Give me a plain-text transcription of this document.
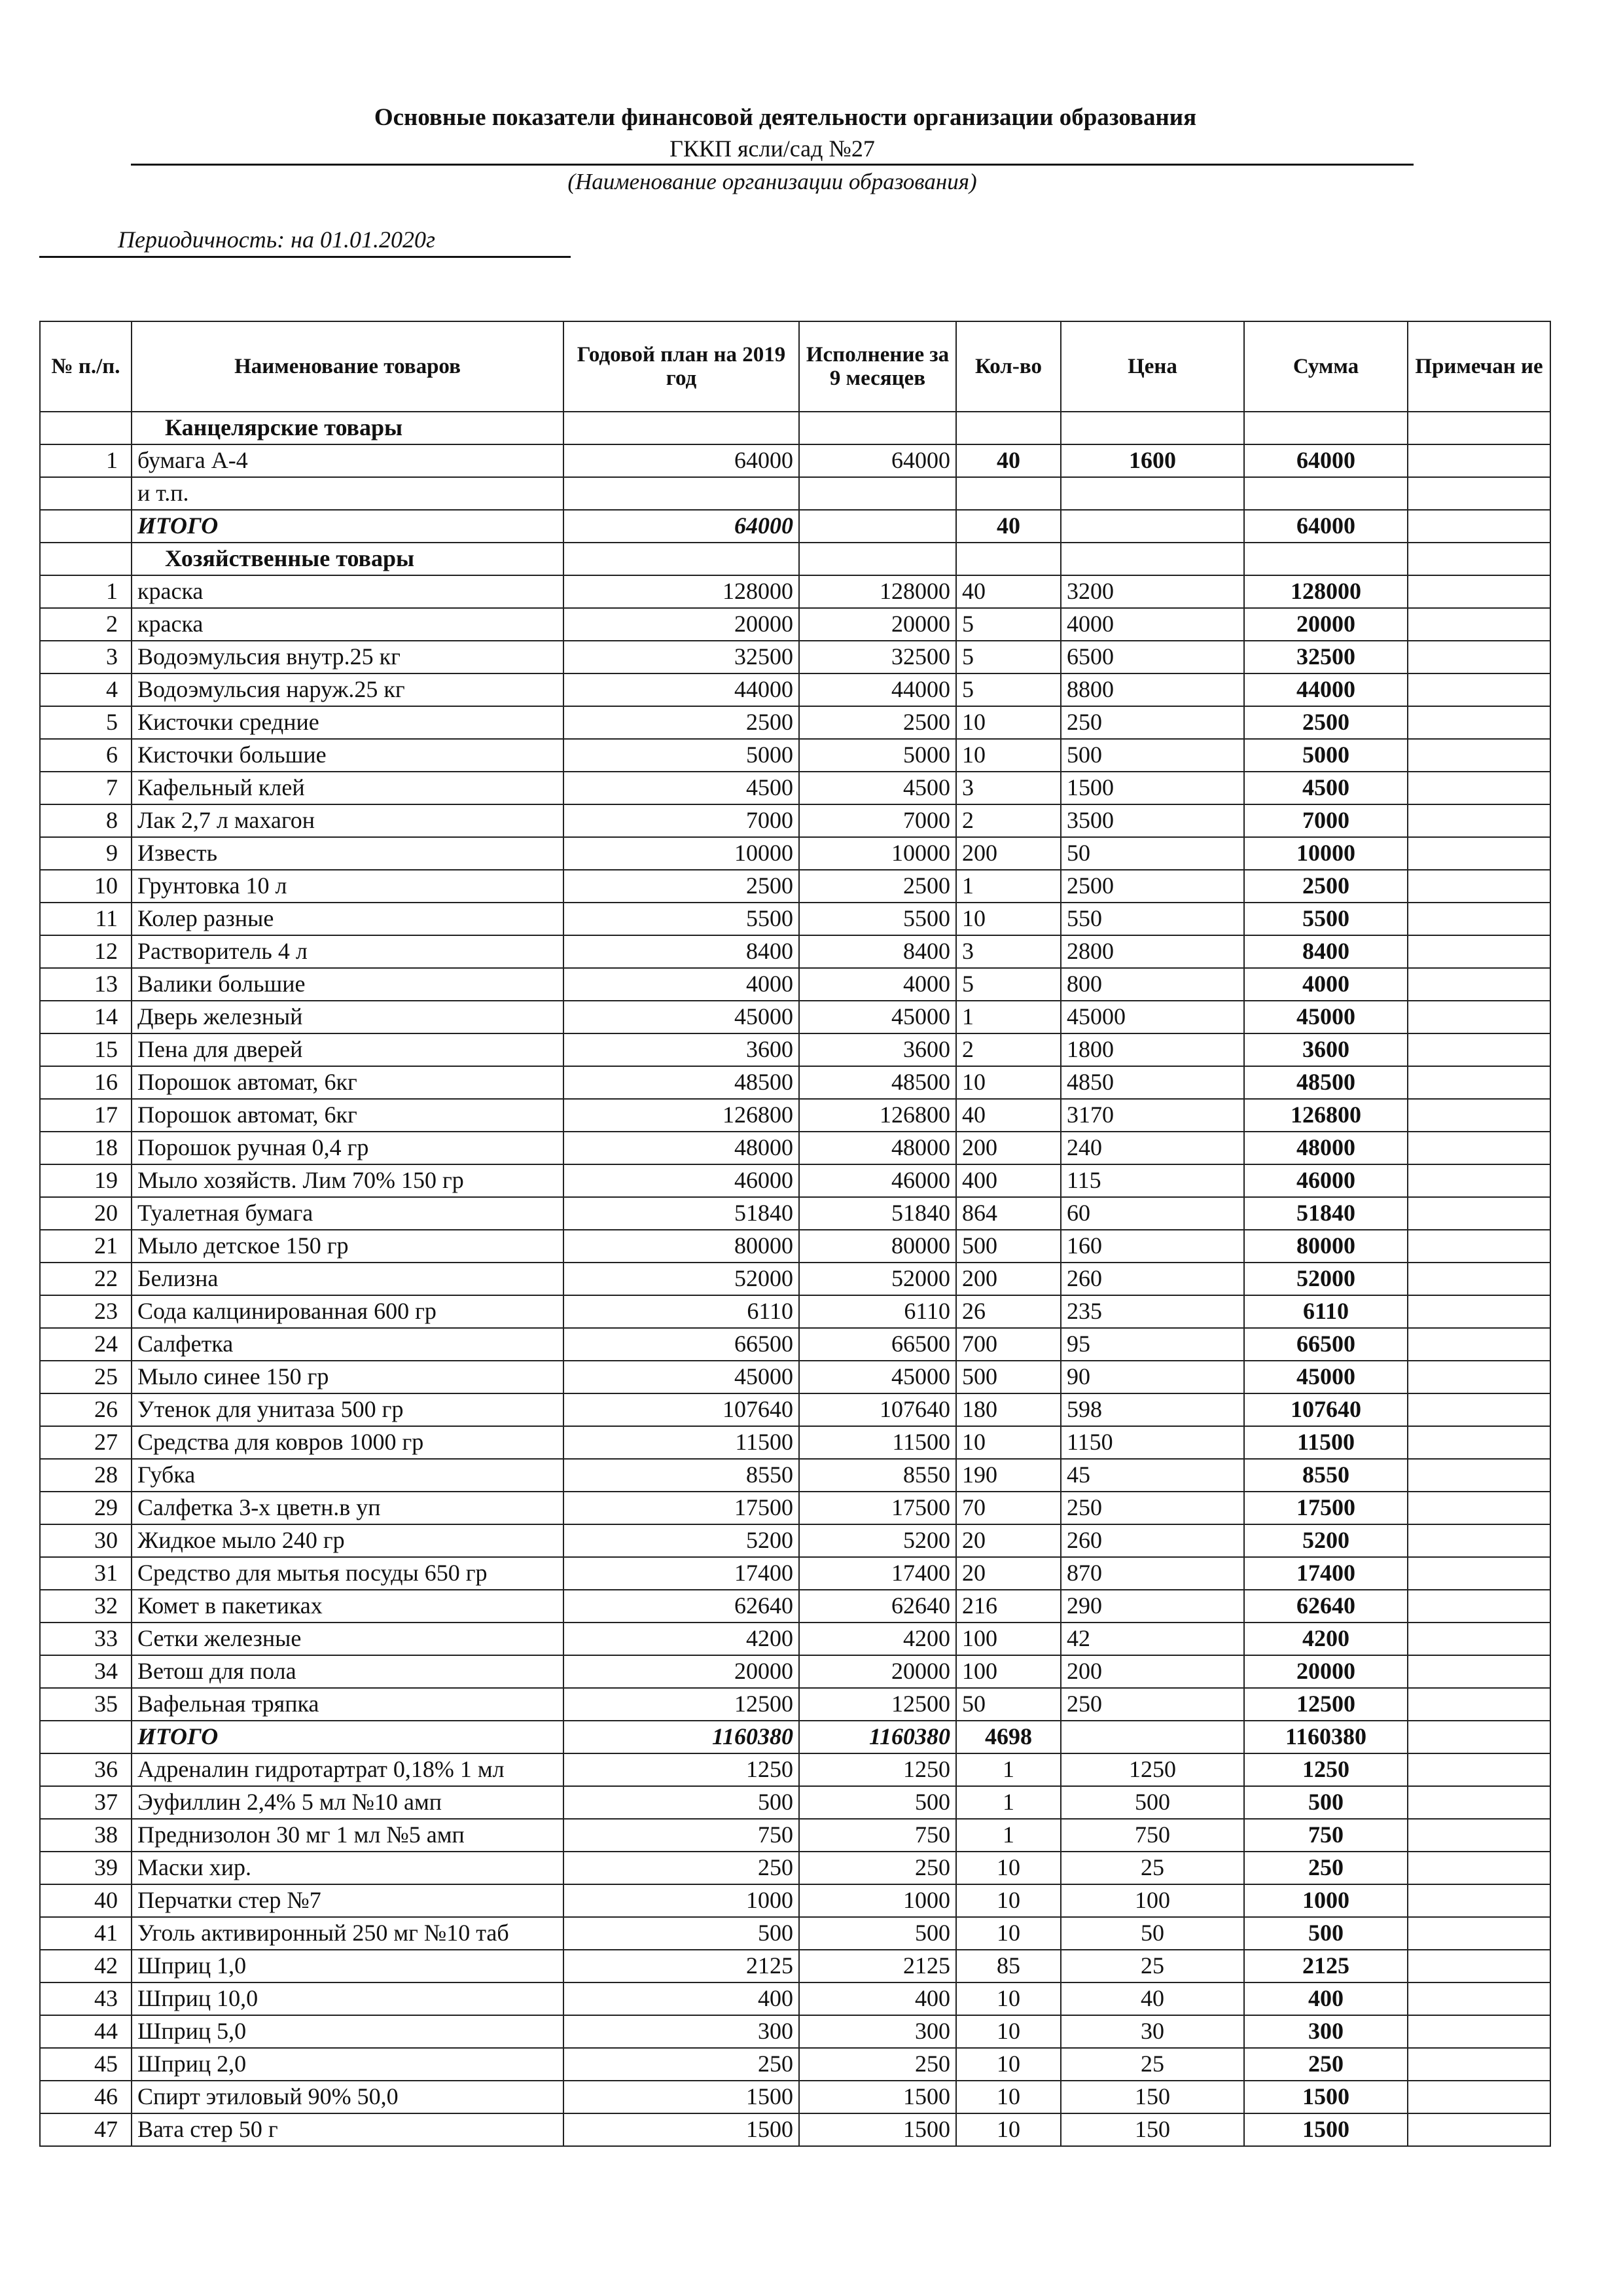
Основные показатели финансовой деятельности организации образования
ГККП ясли/сад №27
(Наименование организации образования)
Периодичность: на 01.01.2020г
№ п./п.	Наименование товаров	Годовой план на 2019 год	Исполнение за 9 месяцев	Кол-во	Цена	Сумма	Примечан ие
	Канцелярские товары						
1	бумага А-4	64000	64000	40	1600	64000	
	и т.п.						
	ИТОГО	64000		40		64000	
	Хозяйственные товары						
1	краска	128000	128000	40	3200	128000	
2	краска	20000	20000	5	4000	20000	
3	Водоэмульсия внутр.25 кг	32500	32500	5	6500	32500	
4	Водоэмульсия наруж.25 кг	44000	44000	5	8800	44000	
5	Кисточки средние	2500	2500	10	250	2500	
6	Кисточки большие	5000	5000	10	500	5000	
7	Кафельный клей	4500	4500	3	1500	4500	
8	Лак 2,7 л махагон	7000	7000	2	3500	7000	
9	Известь	10000	10000	200	50	10000	
10	Грунтовка 10 л	2500	2500	1	2500	2500	
11	Колер разные	5500	5500	10	550	5500	
12	Растворитель 4 л	8400	8400	3	2800	8400	
13	Валики большие	4000	4000	5	800	4000	
14	Дверь железный	45000	45000	1	45000	45000	
15	Пена для дверей	3600	3600	2	1800	3600	
16	Порошок автомат, 6кг	48500	48500	10	4850	48500	
17	Порошок автомат, 6кг	126800	126800	40	3170	126800	
18	Порошок ручная 0,4 гр	48000	48000	200	240	48000	
19	Мыло хозяйств. Лим 70% 150 гр	46000	46000	400	115	46000	
20	Туалетная бумага	51840	51840	864	60	51840	
21	Мыло детское 150 гр	80000	80000	500	160	80000	
22	Белизна	52000	52000	200	260	52000	
23	Сода калцинированная 600 гр	6110	6110	26	235	6110	
24	Салфетка	66500	66500	700	95	66500	
25	Мыло синее 150 гр	45000	45000	500	90	45000	
26	Утенок для унитаза 500 гр	107640	107640	180	598	107640	
27	Средства для ковров 1000 гр	11500	11500	10	1150	11500	
28	Губка	8550	8550	190	45	8550	
29	Салфетка 3-х цветн.в уп	17500	17500	70	250	17500	
30	Жидкое мыло 240 гр	5200	5200	20	260	5200	
31	Средство для мытья посуды 650 гр	17400	17400	20	870	17400	
32	Комет в пакетиках	62640	62640	216	290	62640	
33	Сетки железные	4200	4200	100	42	4200	
34	Ветош для пола	20000	20000	100	200	20000	
35	Вафельная тряпка	12500	12500	50	250	12500	
	ИТОГО	1160380	1160380	4698		1160380	
36	Адреналин гидротартрат 0,18% 1 мл	1250	1250	1	1250	1250	
37	Эуфиллин 2,4% 5 мл №10 амп	500	500	1	500	500	
38	Преднизолон 30 мг 1 мл №5 амп	750	750	1	750	750	
39	Маски хир.	250	250	10	25	250	
40	Перчатки стер №7	1000	1000	10	100	1000	
41	Уголь активиронный 250 мг №10 таб	500	500	10	50	500	
42	Шприц 1,0	2125	2125	85	25	2125	
43	Шприц 10,0	400	400	10	40	400	
44	Шприц 5,0	300	300	10	30	300	
45	Шприц 2,0	250	250	10	25	250	
46	Спирт этиловый 90% 50,0	1500	1500	10	150	1500	
47	Вата стер 50 г	1500	1500	10	150	1500	
